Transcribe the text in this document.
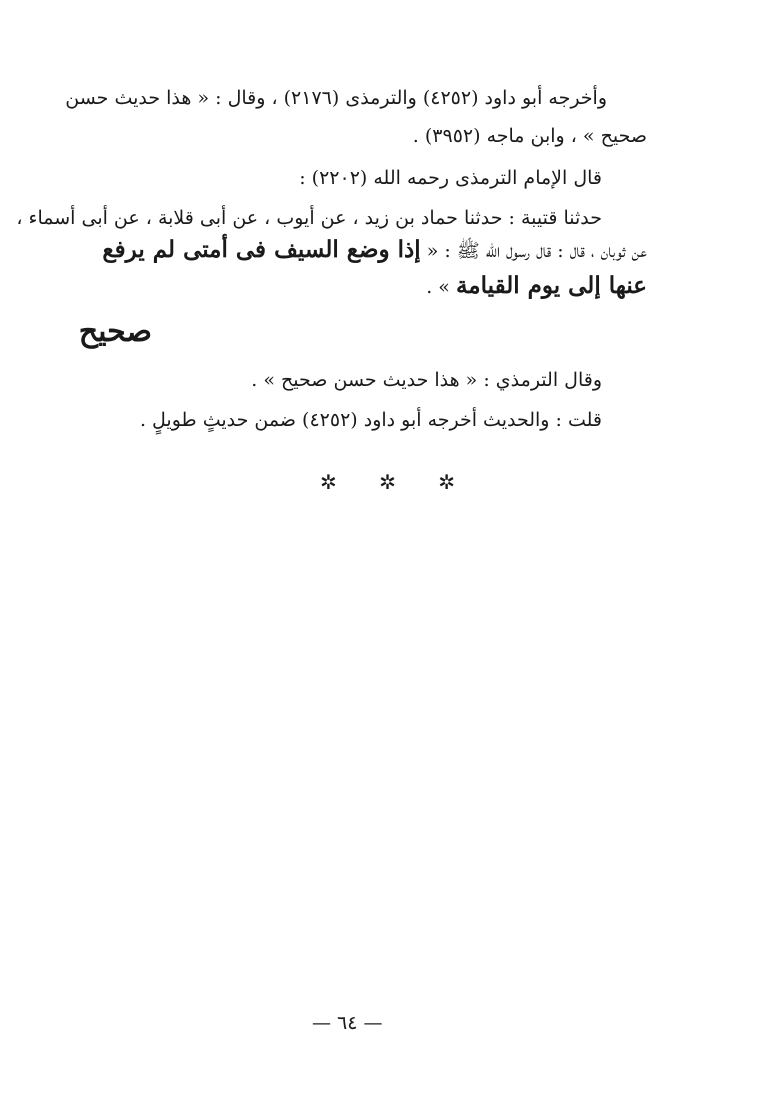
وأخرجه أبو داود (٤٢٥٢) والترمذى (٢١٧٦) ، وقال : « هذا حديث حسن
صحيح » ، وابن ماجه (٣٩٥٢) .
قال الإمام الترمذى رحمه الله (٢٢٠٢) :
حدثنا قتيبة : حدثنا حماد بن زيد ، عن أيوب ، عن أبى قلابة ، عن أبى أسماء ،
عن ثوبان ، قال : قال رسول الله ﷺ : « إذا وضع السيف فى أمتى لم يرفع
عنها إلى يوم القيامة » .
صحيح
وقال الترمذي : « هذا حديث حسن صحيح » .
قلت : والحديث أخرجه أبو داود (٤٢٥٢) ضمن حديثٍ طويلٍ .
✲ ✲ ✲
— ٦٤ —
